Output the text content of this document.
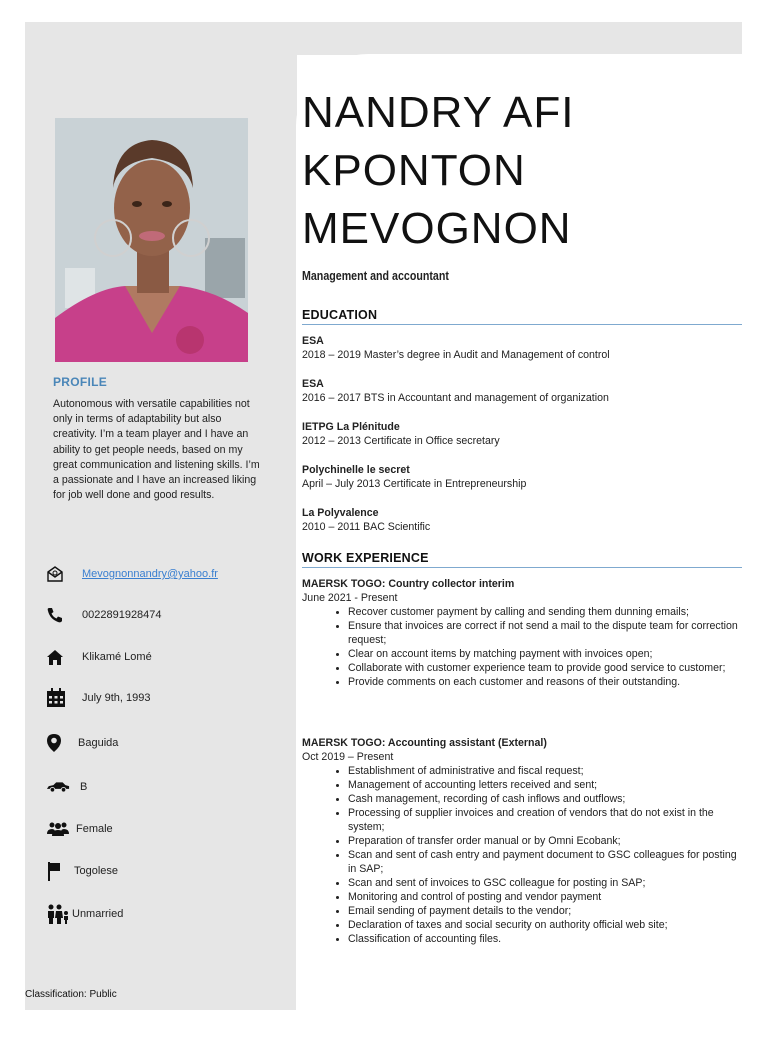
PROFILE
Autonomous with versatile capabilities not only in terms of adaptability but also creativity. I’m a team player and I have an ability to get people needs, based on my great communication and listening skills. I’m a passionate and I have an increased liking for job well done and good results.
Mevognonnandry@yahoo.fr
0022891928474
Klikamé Lomé
July 9th, 1993
Baguida
B
Female
Togolese
Unmarried
Classification: Public
NANDRY AFI
KPONTON
MEVOGNON
Management and accountant
EDUCATION
ESA
2018 – 2019 Master’s degree in Audit and Management of control
ESA
2016 – 2017 BTS in Accountant and management of organization
IETPG La Plénitude
2012 – 2013 Certificate in Office secretary
Polychinelle le secret
April – July 2013 Certificate in Entrepreneurship
La Polyvalence
2010 – 2011 BAC Scientific
WORK EXPERIENCE
MAERSK TOGO: Country collector interim
June 2021 - Present
• Recover customer payment by calling and sending them dunning emails;
• Ensure that invoices are correct if not send a mail to the dispute team for correction request;
• Clear on account items by matching payment with invoices open;
• Collaborate with customer experience team to provide good service to customer;
• Provide comments on each customer and reasons of their outstanding.
MAERSK TOGO: Accounting assistant (External)
Oct 2019 – Present
• Establishment of administrative and fiscal request;
• Management of accounting letters received and sent;
• Cash management, recording of cash inflows and outflows;
• Processing of supplier invoices and creation of vendors that do not exist in the system;
• Preparation of transfer order manual or by Omni Ecobank;
• Scan and sent of cash entry and payment document to GSC colleagues for posting in SAP;
• Scan and sent of invoices to GSC colleague for posting in SAP;
• Monitoring and control of posting and vendor payment
• Email sending of payment details to the vendor;
• Declaration of taxes and social security on authority official web site;
• Classification of accounting files.
